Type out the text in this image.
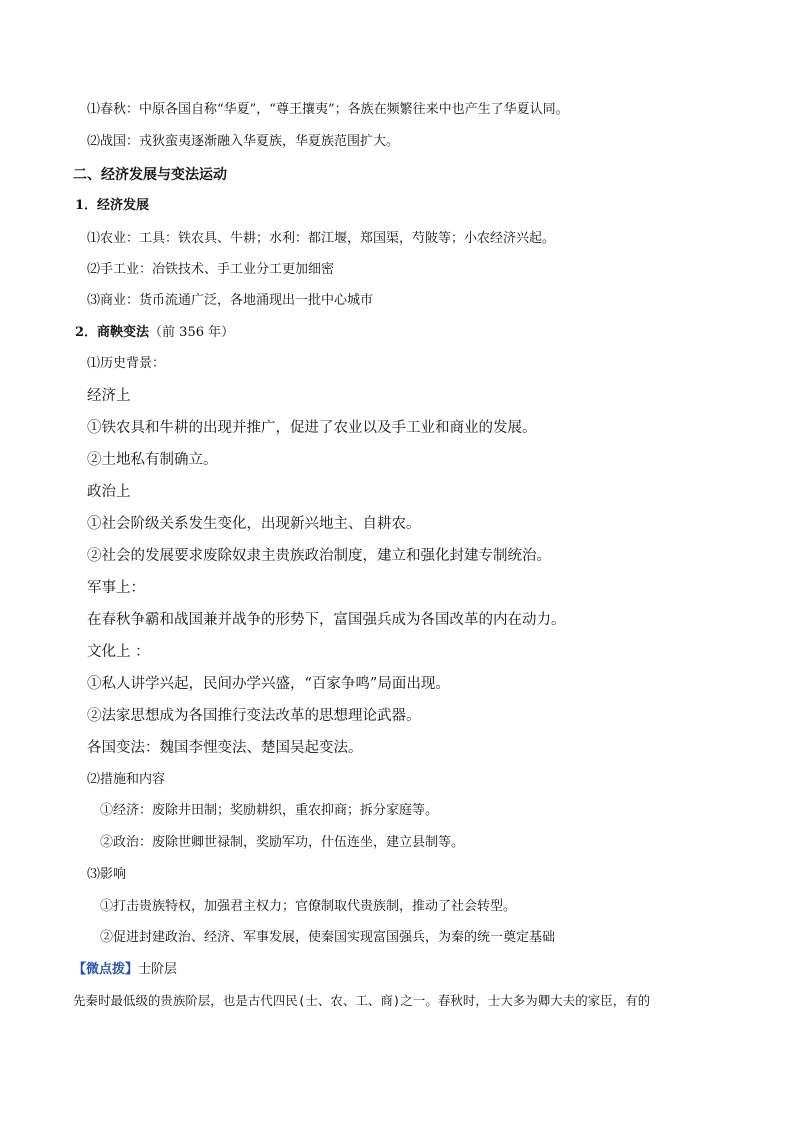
⑴春秋：中原各国自称“华夏”，“尊王攘夷”；各族在频繁往来中也产生了华夏认同。
⑵战国：戎狄蛮夷逐渐融入华夏族，华夏族范围扩大。
二、经济发展与变法运动
1．经济发展
⑴农业：工具：铁农具、牛耕；水利：都江堰，郑国渠，芍陂等；小农经济兴起。
⑵手工业：冶铁技术、手工业分工更加细密
⑶商业：货币流通广泛，各地涌现出一批中心城市
2．商鞅变法（前 356 年）
⑴历史背景：
经济上
①铁农具和牛耕的出现并推广，促进了农业以及手工业和商业的发展。
②土地私有制确立。
政治上
①社会阶级关系发生变化，出现新兴地主、自耕农。
②社会的发展要求废除奴隶主贵族政治制度，建立和强化封建专制统治。
军事上：
在春秋争霸和战国兼并战争的形势下，富国强兵成为各国改革的内在动力。
文化上 ：
①私人讲学兴起，民间办学兴盛，“百家争鸣”局面出现。
②法家思想成为各国推行变法改革的思想理论武器。
各国变法：魏国李悝变法、楚国吴起变法。
⑵措施和内容
①经济：废除井田制；奖励耕织，重农抑商；拆分家庭等。
②政治：废除世卿世禄制，奖励军功，什伍连坐，建立县制等。
⑶影响
①打击贵族特权，加强君主权力；官僚制取代贵族制，推动了社会转型。
②促进封建政治、经济、军事发展，使秦国实现富国强兵，为秦的统一奠定基础
【微点拨】士阶层
先秦时最低级的贵族阶层，也是古代四民(士、农、工、商)之一。春秋时，士大多为卿大夫的家臣，有的
